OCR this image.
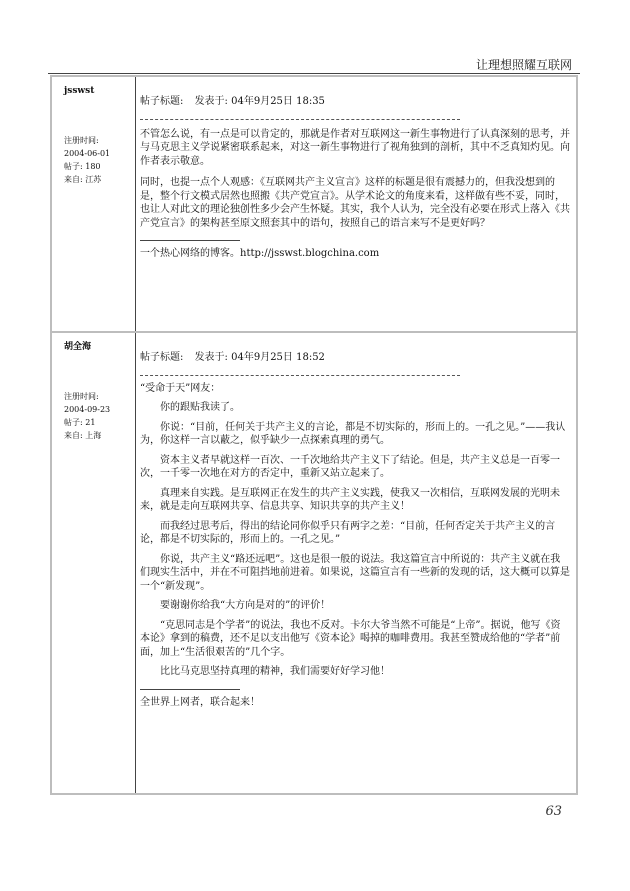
让理想照耀互联网
jsswst
注册时间:
2004-06-01
帖子: 180
来自: 江苏
帖子标题: 发表于: 04年9月25日 18:35

不管怎么说，有一点是可以肯定的，那就是作者对互联网这一新生事物进行了认真深刻的思考，并与马克思主义学说紧密联系起来，对这一新生事物进行了视角独到的剖析，其中不乏真知灼见。向作者表示敬意。

同时，也提一点个人观感：《互联网共产主义宣言》这样的标题是很有震撼力的，但我没想到的是，整个行文模式居然也照搬《共产党宣言》。从学术论文的角度来看，这样做有些不妥，同时，也让人对此文的理论独创性多少会产生怀疑。其实，我个人认为，完全没有必要在形式上落入《共产党宣言》的架构甚至原文照套其中的语句，按照自己的语言来写不是更好吗？

一个热心网络的博客。http://jsswst.blogchina.com
胡全海
注册时间:
2004-09-23
帖子: 21
来自: 上海
帖子标题: 发表于: 04年9月25日 18:52

“受命于天”网友：

你的跟贴我读了。

你说：“目前，任何关于共产主义的言论，都是不切实际的，形而上的。一孔之见。”——我认为，你这样一言以蔽之，似乎缺少一点探索真理的勇气。

资本主义者早就这样一百次、一千次地给共产主义下了结论。但是，共产主义总是一百零一次，一千零一次地在对方的否定中，重新又站立起来了。

真理来自实践。是互联网正在发生的共产主义实践，使我又一次相信，互联网发展的光明未来，就是走向互联网共享、信息共享、知识共享的共产主义！

而我经过思考后，得出的结论同你似乎只有两字之差：“目前，任何否定关于共产主义的言论，都是不切实际的，形而上的。一孔之见。”

你说，共产主义“路还远吧”。这也是很一般的说法。我这篇宣言中所说的：共产主义就在我们现实生活中，并在不可阻挡地前进着。如果说，这篇宣言有一些新的发现的话，这大概可以算是一个“新发现”。

要谢谢你给我“大方向是对的”的评价！

“克思同志是个学者”的说法，我也不反对。卡尔大爷当然不可能是“上帝”。据说，他写《资本论》拿到的稿费，还不足以支出他写《资本论》喝掉的咖啡费用。我甚至赞成给他的“学者”前面，加上“生活很艰苦的”几个字。

比比马克思坚持真理的精神，我们需要好好学习他！

全世界上网者，联合起来！
63
